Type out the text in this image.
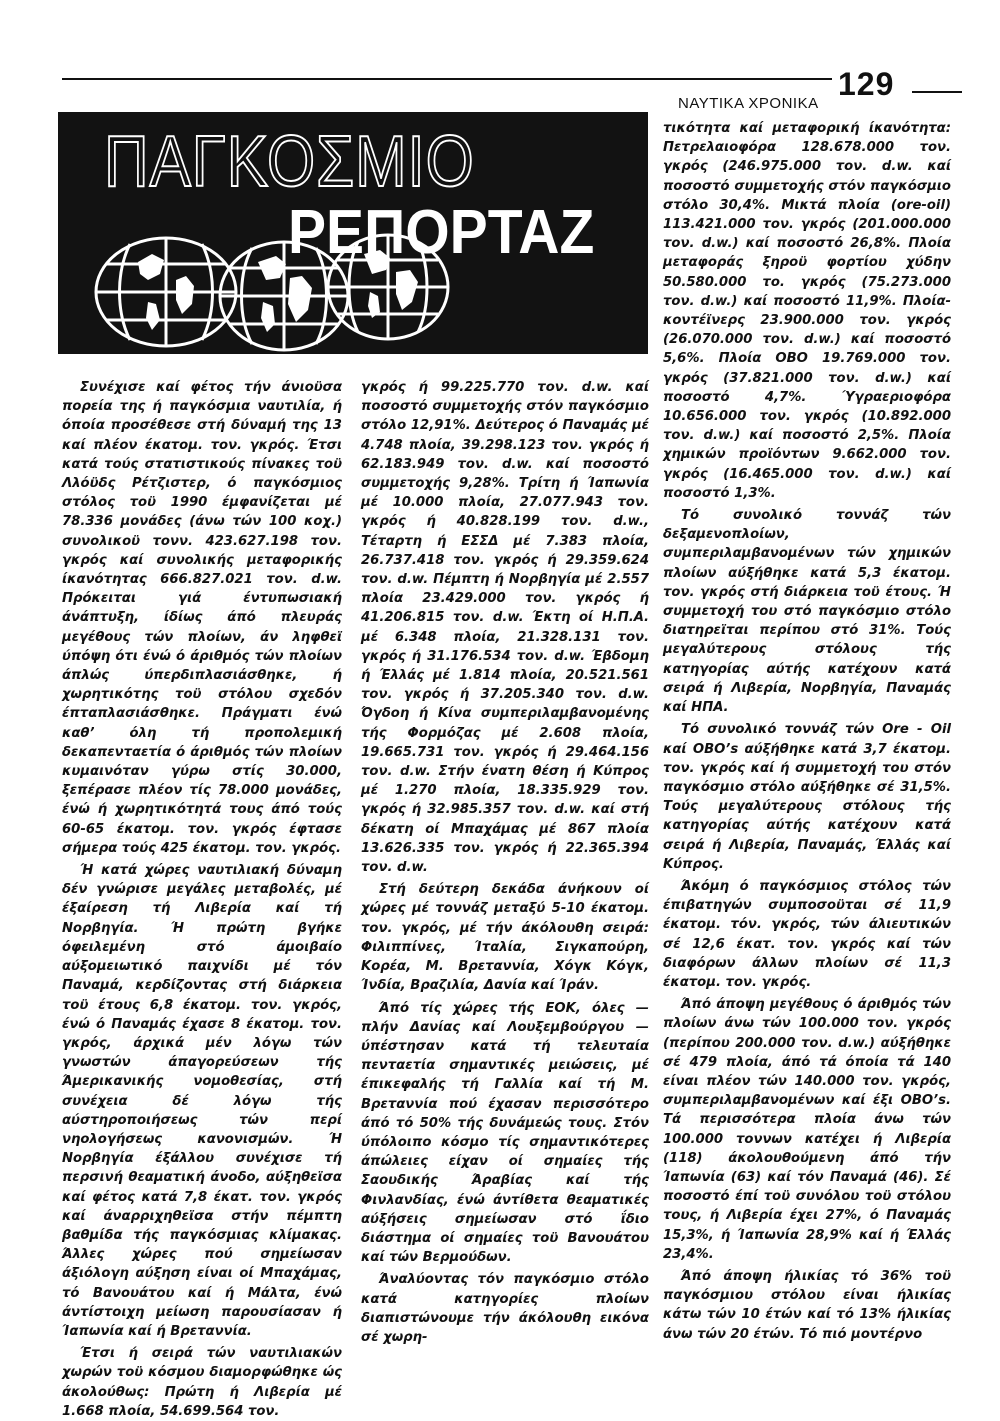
129
ΝΑΥΤΙΚΑ ΧΡΟΝΙΚΑ
ΠΑΓΚΟΣΜΙΟ
ΡΕΠΟΡΤΑΖ

Συνέχισε καί φέτος τήν άνιοϋσα πορεία της ή παγκόσμια ναυτιλία, ή όποία προσέθεσε στή δύναμή της 13 καί πλέον έκατομ. τον. γκρός. Έτσι κατά τούς στατιστικούς πίνακες τοϋ Λλόϋδς Ρέτζιστερ, ό παγκόσμιος στόλος τοϋ 1990 έμφανίζεται μέ 78.336 μονάδες (άνω τών 100 κοχ.) συνολικοϋ τονν. 423.627.198 τον. γκρός καί συνολικής μεταφορικής ίκανότητας 666.827.021 τον. d.w. Πρόκειται γιά έντυπωσιακή άνάπτυξη, ίδίως άπό πλευράς μεγέθους τών πλοίων, άν ληφθεϊ ύπόψη ότι ένώ ό άριθμός τών πλοίων άπλώς ύπερδιπλασιάσθηκε, ή χωρητικότης τοϋ στόλου σχεδόν έπταπλασιάσθηκε. Πράγματι ένώ καθ’ όλη τή προπολεμική δεκαπενταετία ό άριθμός τών πλοίων κυμαινόταν γύρω στίς 30.000, ξεπέρασε πλέον τίς 78.000 μονάδες, ένώ ή χωρητικότητά τους άπό τούς 60-65 έκατομ. τον. γκρός έφτασε σήμερα τούς 425 έκατομ. τον. γκρός.

Ή κατά χώρες ναυτιλιακή δύναμη δέν γνώρισε μεγάλες μεταβολές, μέ έξαίρεση τή Λιβερία καί τή Νορβηγία. Ή πρώτη βγήκε όφειλεμένη στό άμοιβαίο αύξομειωτικό παιχνίδι μέ τόν Παναμά, κερδίζοντας στή διάρκεια τοϋ έτους 6,8 έκατομ. τον. γκρός, ένώ ό Παναμάς έχασε 8 έκατομ. τον. γκρός, άρχικά μέν λόγω τών γνωστών άπαγορεύσεων τής Άμερικανικής νομοθεσίας, στή συνέχεια δέ λόγω τής αύστηροποιήσεως τών περί νηολογήσεως κανονισμών. Ή Νορβηγία έξάλλου συνέχισε τή περσινή θεαματική άνοδο, αύξηθεϊσα καί φέτος κατά 7,8 έκατ. τον. γκρός καί άναρριχηθεϊσα στήν πέμπτη βαθμίδα τής παγκόσμιας κλίμακας. Άλλες χώρες πού σημείωσαν άξιόλογη αύξηση είναι οί Μπαχάμας, τό Βανουάτου καί ή Μάλτα, ένώ άντίστοιχη μείωση παρουσίασαν ή Ίαπωνία καί ή Βρεταννία.

Έτσι ή σειρά τών ναυτιλιακών χωρών τοϋ κόσμου διαμορφώθηκε ώς άκολούθως: Πρώτη ή Λιβερία μέ 1.668 πλοία, 54.699.564 τον.

γκρός ή 99.225.770 τον. d.w. καί ποσοστό συμμετοχής στόν παγκόσμιο στόλο 12,91%. Δεύτερος ό Παναμάς μέ 4.748 πλοία, 39.298.123 τον. γκρός ή 62.183.949 τον. d.w. καί ποσοστό συμμετοχής 9,28%. Τρίτη ή Ίαπωνία μέ 10.000 πλοία, 27.077.943 τον. γκρός ή 40.828.199 τον. d.w., Τέταρτη ή ΕΣΣΔ μέ 7.383 πλοία, 26.737.418 τον. γκρός ή 29.359.624 τον. d.w. Πέμπτη ή Νορβηγία μέ 2.557 πλοία 23.429.000 τον. γκρός ή 41.206.815 τον. d.w. Έκτη οί Η.Π.Α. μέ 6.348 πλοία, 21.328.131 τον. γκρός ή 31.176.534 τον. d.w. Έβδομη ή Έλλάς μέ 1.814 πλοία, 20.521.561 τον. γκρός ή 37.205.340 τον. d.w. Όγδοη ή Κίνα συμπεριλαμβανομένης τής Φορμόζας μέ 2.608 πλοία, 19.665.731 τον. γκρός ή 29.464.156 τον. d.w. Στήν ένατη θέση ή Κύπρος μέ 1.270 πλοία, 18.335.929 τον. γκρός ή 32.985.357 τον. d.w. καί στή δέκατη οί Μπαχάμας μέ 867 πλοία 13.626.335 τον. γκρός ή 22.365.394 τον. d.w.

Στή δεύτερη δεκάδα άνήκουν οί χώρες μέ τοννάζ μεταξύ 5-10 έκατομ. τον. γκρός, μέ τήν άκόλουθη σειρά: Φιλιππίνες, Ίταλία, Σιγκαπούρη, Κορέα, Μ. Βρεταννία, Χόγκ Κόγκ, Ίνδία, Βραζιλία, Δανία καί Ίράν.

Άπό τίς χώρες τής ΕΟΚ, όλες — πλήν Δανίας καί Λουξεμβούργου — ύπέστησαν κατά τή τελευταία πενταετία σημαντικές μειώσεις, μέ έπικεφαλής τή Γαλλία καί τή Μ. Βρεταννία πού έχασαν περισσότερο άπό τό 50% τής δυνάμεώς τους. Στόν ύπόλοιπο κόσμο τίς σημαντικότερες άπώλειες είχαν οί σημαίες τής Σαουδικής Άραβίας καί τής Φινλανδίας, ένώ άντίθετα θεαματικές αύξήσεις σημείωσαν στό ΐδιο διάστημα οί σημαίες τοϋ Βανουάτου καί τών Βερμούδων.

Άναλύοντας τόν παγκόσμιο στόλο κατά κατηγορίες πλοίων διαπιστώνουμε τήν άκόλουθη εικόνα σέ χωρη-

τικότητα καί μεταφορική ίκανότητα: Πετρελαιοφόρα 128.678.000 τον. γκρός (246.975.000 τον. d.w. καί ποσοστό συμμετοχής στόν παγκόσμιο στόλο 30,4%. Μικτά πλοία (ore-oil) 113.421.000 τον. γκρός (201.000.000 τον. d.w.) καί ποσοστό 26,8%. Πλοία μεταφοράς ξηροϋ φορτίου χύδην 50.580.000 το. γκρός (75.273.000 τον. d.w.) καί ποσοστό 11,9%. Πλοία-κοντέϊνερς 23.900.000 τον. γκρός (26.070.000 τον. d.w.) καί ποσοστό 5,6%. Πλοία ΟΒΟ 19.769.000 τον. γκρός (37.821.000 τον. d.w.) καί ποσοστό 4,7%. Ύγραεριοφόρα 10.656.000 τον. γκρός (10.892.000 τον. d.w.) καί ποσοστό 2,5%. Πλοία χημικών προϊόντων 9.662.000 τον. γκρός (16.465.000 τον. d.w.) καί ποσοστό 1,3%.

Τό συνολικό τοννάζ τών δεξαμενοπλοίων, συμπεριλαμβανομένων τών χημικών πλοίων αύξήθηκε κατά 5,3 έκατομ. τον. γκρός στή διάρκεια τοϋ έτους. Ή συμμετοχή του στό παγκόσμιο στόλο διατηρεϊται περίπου στό 31%. Τούς μεγαλύτερους στόλους τής κατηγορίας αύτής κατέχουν κατά σειρά ή Λιβερία, Νορβηγία, Παναμάς καί ΗΠΑ.

Τό συνολικό τοννάζ τών Ore - Oil καί ΟΒΟ’s αύξήθηκε κατά 3,7 έκατομ. τον. γκρός καί ή συμμετοχή του στόν παγκόσμιο στόλο αύξήθηκε σέ 31,5%. Τούς μεγαλύτερους στόλους τής κατηγορίας αύτής κατέχουν κατά σειρά ή Λιβερία, Παναμάς, Έλλάς καί Κύπρος.

Άκόμη ό παγκόσμιος στόλος τών έπιβατηγών συμποσοϋται σέ 11,9 έκατομ. τόν. γκρός, τών άλιευτικών σέ 12,6 έκατ. τον. γκρός καί τών διαφόρων άλλων πλοίων σέ 11,3 έκατομ. τον. γκρός.

Άπό άποψη μεγέθους ό άριθμός τών πλοίων άνω τών 100.000 τον. γκρός (περίπου 200.000 τον. d.w.) αύξήθηκε σέ 479 πλοία, άπό τά όποία τά 140 είναι πλέον τών 140.000 τον. γκρός, συμπεριλαμβανομένων καί έξι ΟΒΟ’s. Τά περισσότερα πλοία άνω τών 100.000 τοννων κατέχει ή Λιβερία (118) άκολουθούμενη άπό τήν Ίαπωνία (63) καί τόν Παναμά (46). Σέ ποσοστό έπί τοϋ συνόλου τοϋ στόλου τους, ή Λιβερία έχει 27%, ό Παναμάς 15,3%, ή Ίαπωνία 28,9% καί ή Έλλάς 23,4%.

Άπό άποψη ήλικίας τό 36% τοϋ παγκόσμιου στόλου είναι ήλικίας κάτω τών 10 έτών καί τό 13% ήλικίας άνω τών 20 έτών. Τό πιό μοντέρνο
